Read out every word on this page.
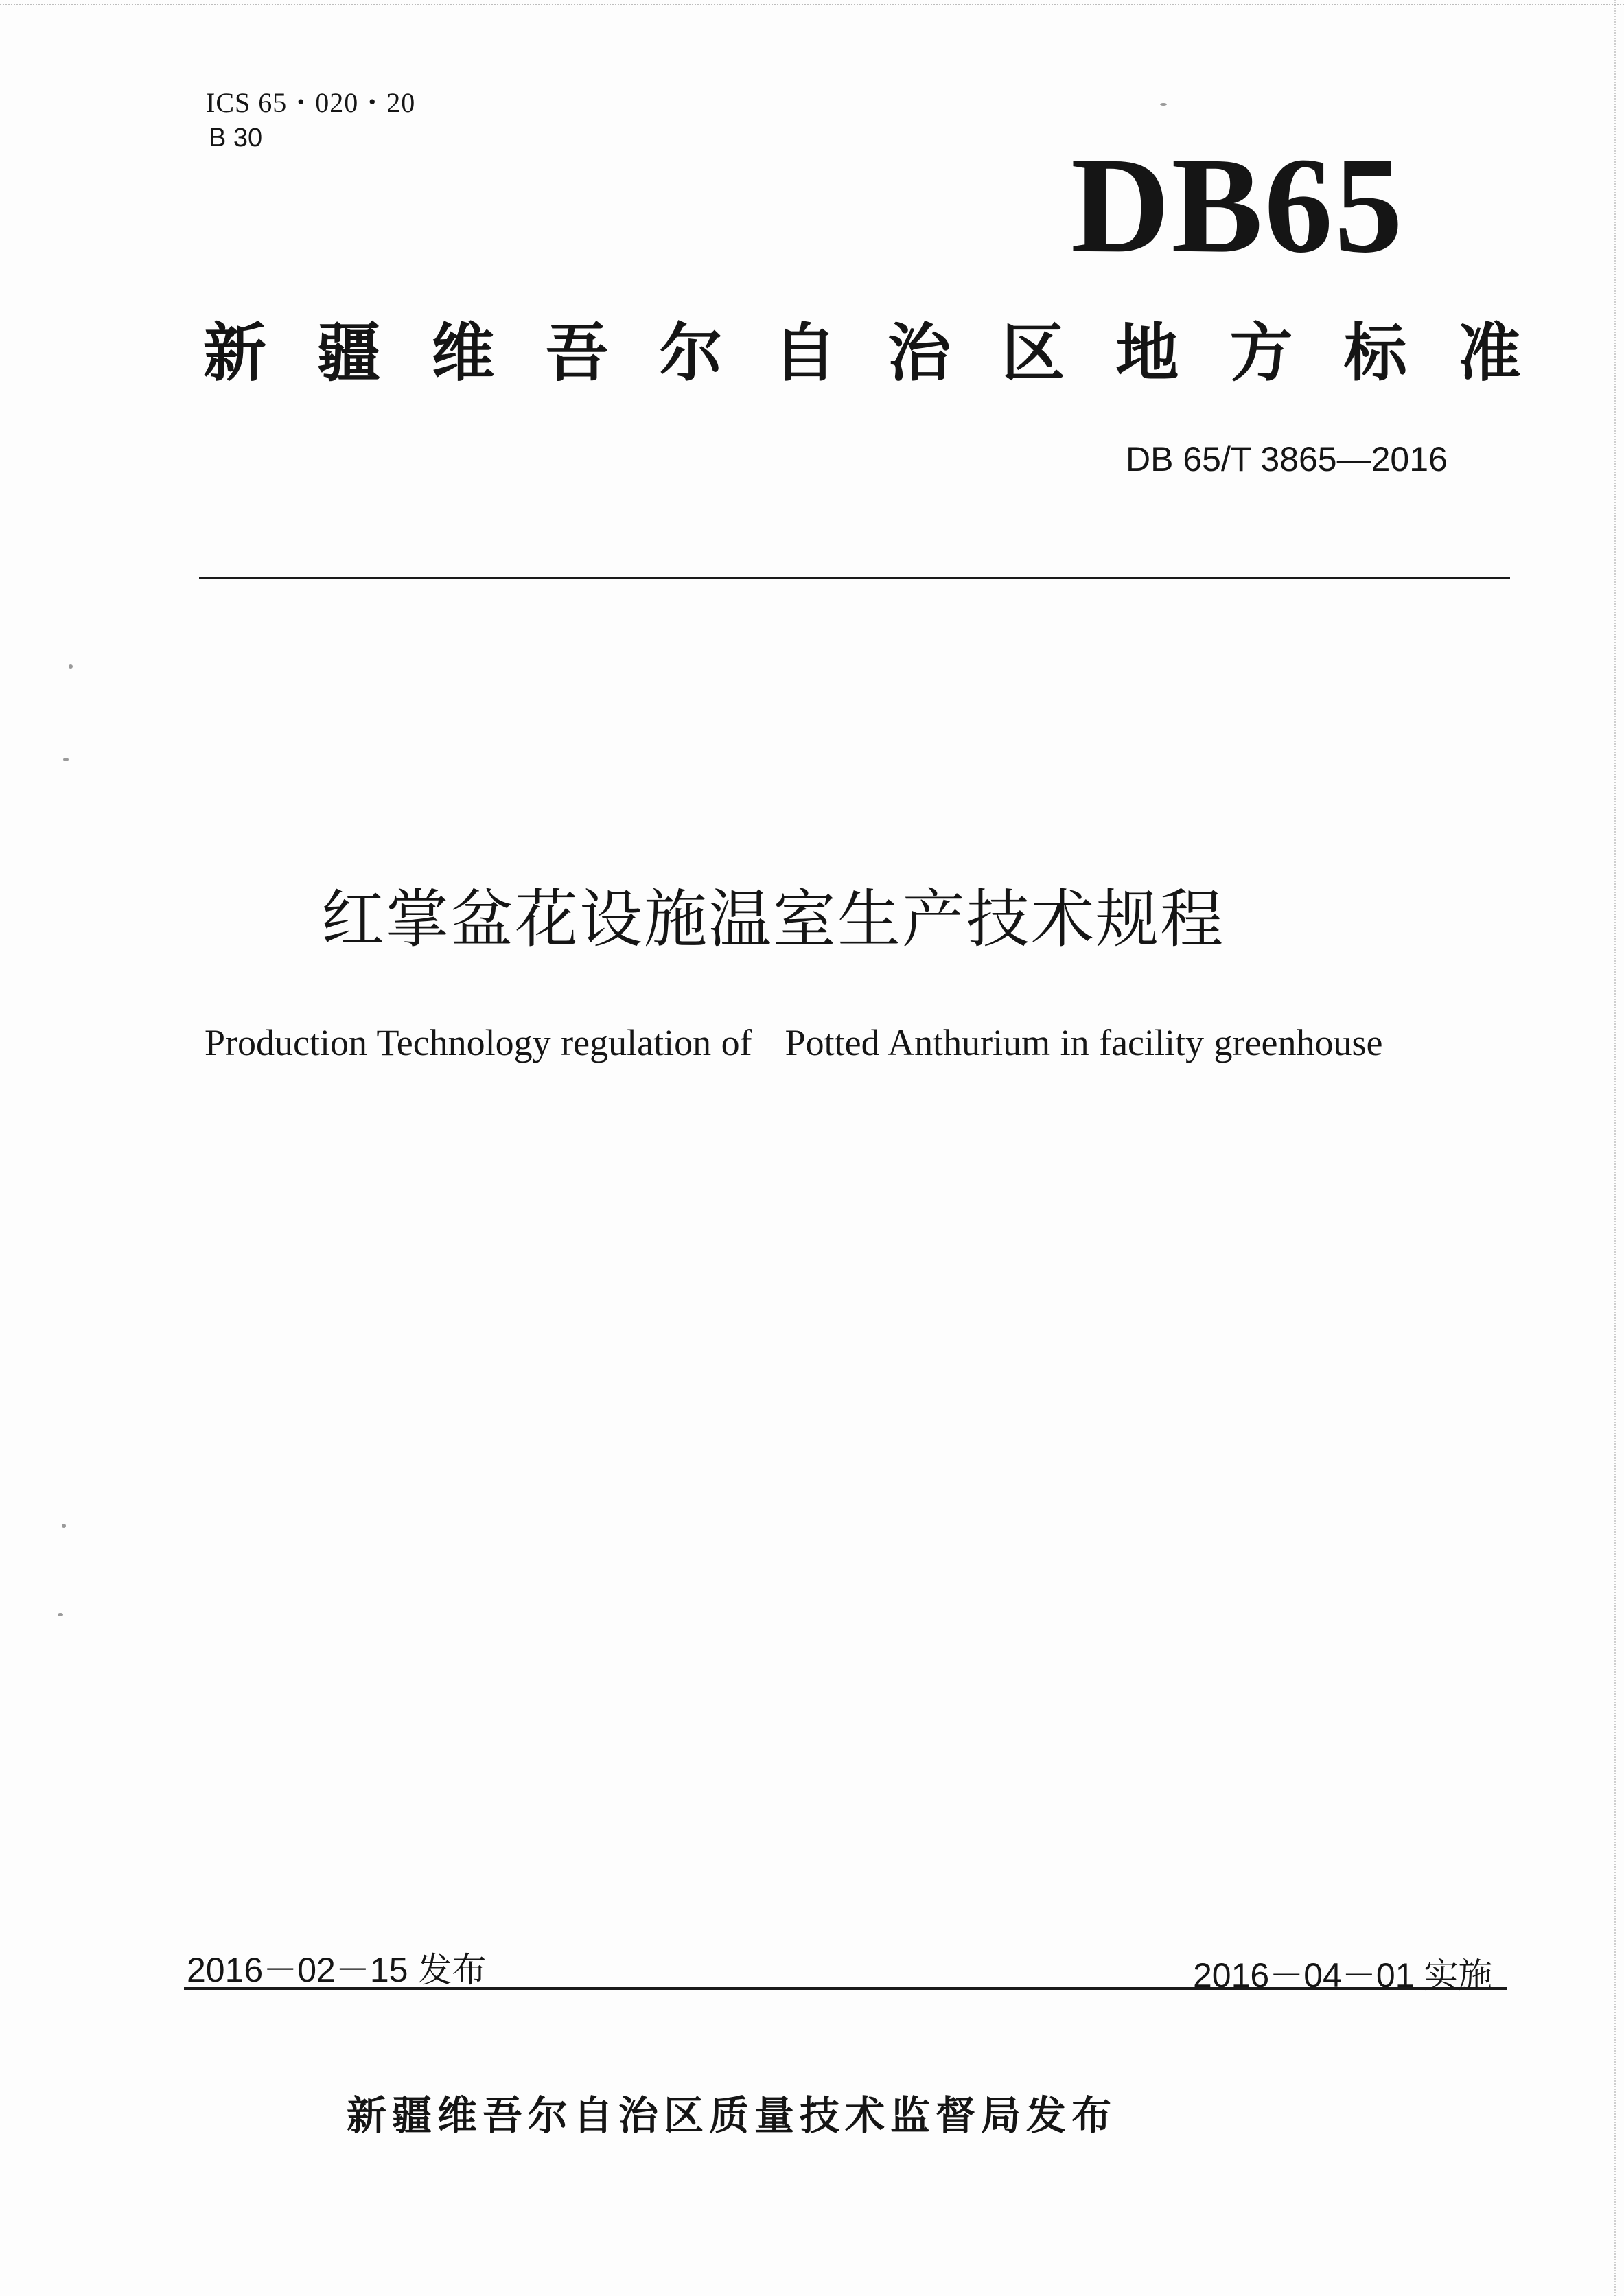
ICS 65・020・20
B 30	DB65
新 疆 维 吾 尔 自 治 区 地 方 标 准
DB 65/T 3865—2016
红掌盆花设施温室生产技术规程
Production Technology regulation of Potted Anthurium in facility greenhouse
2016－02－15 发布	2016－04－01 实施
新疆维吾尔自治区质量技术监督局发布
